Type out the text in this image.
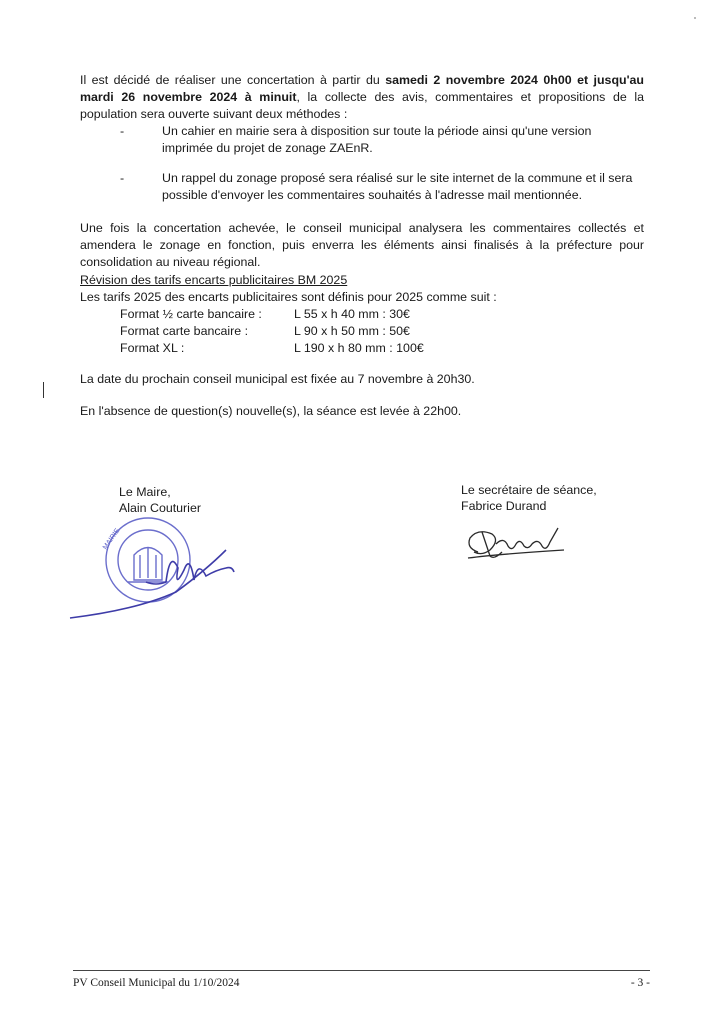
Il est décidé de réaliser une concertation à partir du samedi 2 novembre 2024 0h00 et jusqu'au mardi 26 novembre 2024 à minuit, la collecte des avis, commentaires et propositions de la population sera ouverte suivant deux méthodes :

-	Un cahier en mairie sera à disposition sur toute la période ainsi qu'une version imprimée du projet de zonage ZAEnR.

-	Un rappel du zonage proposé sera réalisé sur le site internet de la commune et il sera possible d'envoyer les commentaires souhaités à l'adresse mail mentionnée.

Une fois la concertation achevée, le conseil municipal analysera les commentaires collectés et amendera le zonage en fonction, puis enverra les éléments ainsi finalisés à la préfecture pour consolidation au niveau régional.

Révision des tarifs encarts publicitaires BM 2025

Les tarifs 2025 des encarts publicitaires sont définis pour 2025 comme suit :

Format ½ carte bancaire :	L 55 x h 40 mm : 30€
Format carte bancaire :	L 90 x h 50 mm : 50€
Format XL :	L 190 x h 80 mm : 100€

La date du prochain conseil municipal est fixée au 7 novembre à 20h30.

En l'absence de question(s) nouvelle(s), la séance est levée à 22h00.

Le Maire,

Alain Couturier

Le secrétaire de séance,

Fabrice Durand

MAIRIE
PV Conseil Municipal du 1/10/2024	- 3 -
